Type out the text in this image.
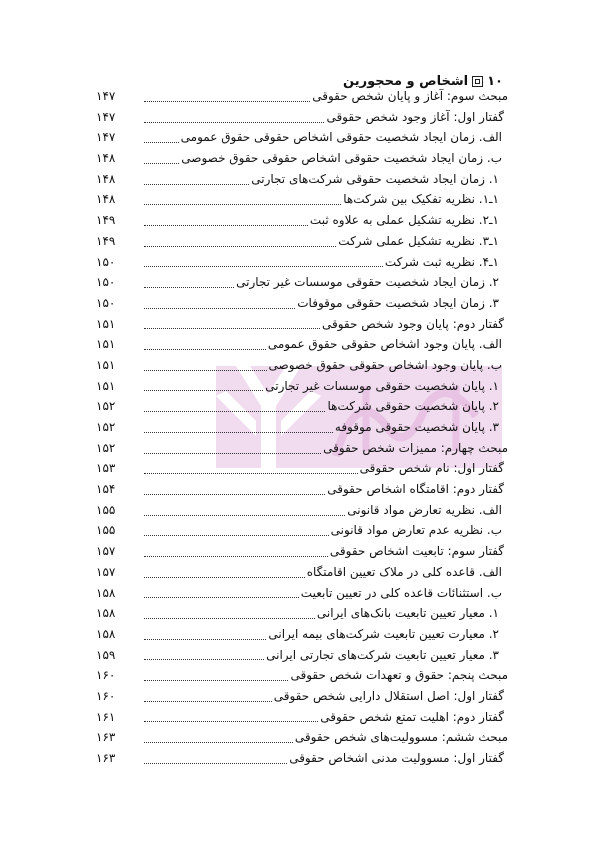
۱۰
اشخاص و محجورین
مبحث سوم: آغاز و پایان شخص حقوقی
۱۴۷
گفتار اول: آغاز وجود شخص حقوقی
۱۴۷
الف. زمان ایجاد شخصیت حقوقی اشخاص حقوقی حقوق عمومی
۱۴۷
ب. زمان ایجاد شخصیت حقوقی اشخاص حقوقی حقوق خصوصی
۱۴۸
۱. زمان ایجاد شخصیت حقوقی شرکت‌های تجارتی
۱۴۸
۱ـ۱. نظریه تفکیک بین شرکت‌ها
۱۴۸
۱ـ۲. نظریه تشکیل عملی به علاوه ثبت
۱۴۹
۱ـ۳. نظریه تشکیل عملی شرکت
۱۴۹
۱ـ۴. نظریه ثبت شرکت
۱۵۰
۲. زمان ایجاد شخصیت حقوقی موسسات غیر تجارتی
۱۵۰
۳. زمان ایجاد شخصیت حقوقی موقوفات
۱۵۰
گفتار دوم: پایان وجود شخص حقوقی
۱۵۱
الف. پایان وجود اشخاص حقوقی حقوق عمومی
۱۵۱
ب. پایان وجود اشخاص حقوقی حقوق خصوصی
۱۵۱
۱. پایان شخصیت حقوقی موسسات غیر تجارتی
۱۵۱
۲. پایان شخصیت حقوقی شرکت‌ها
۱۵۲
۳. پایان شخصیت حقوقی موقوفه
۱۵۲
مبحث چهارم: ممیزات شخص حقوقی
۱۵۲
گفتار اول: نام شخص حقوقی
۱۵۳
گفتار دوم: اقامتگاه اشخاص حقوقی
۱۵۴
الف. نظریه تعارض مواد قانونی
۱۵۵
ب. نظریه عدم تعارض مواد قانونی
۱۵۵
گفتار سوم: تابعیت اشخاص حقوقی
۱۵۷
الف. قاعده کلی در ملاک تعیین اقامتگاه
۱۵۷
ب. استثنائات قاعده کلی در تعیین تابعیت
۱۵۸
۱. معیار تعیین تابعیت بانک‌های ایرانی
۱۵۸
۲. معیارت تعیین تابعیت شرکت‌های بیمه ایرانی
۱۵۸
۳. معیار تعیین تابعیت شرکت‌های تجارتی ایرانی
۱۵۹
مبحث پنجم: حقوق و تعهدات شخص حقوقی
۱۶۰
گفتار اول: اصل استقلال دارایی شخص حقوقی
۱۶۰
گفتار دوم: اهلیت تمتع شخص حقوقی
۱۶۱
مبحث ششم: مسوولیت‌های شخص حقوقی
۱۶۳
گفتار اول: مسوولیت مدنی اشخاص حقوقی
۱۶۳
